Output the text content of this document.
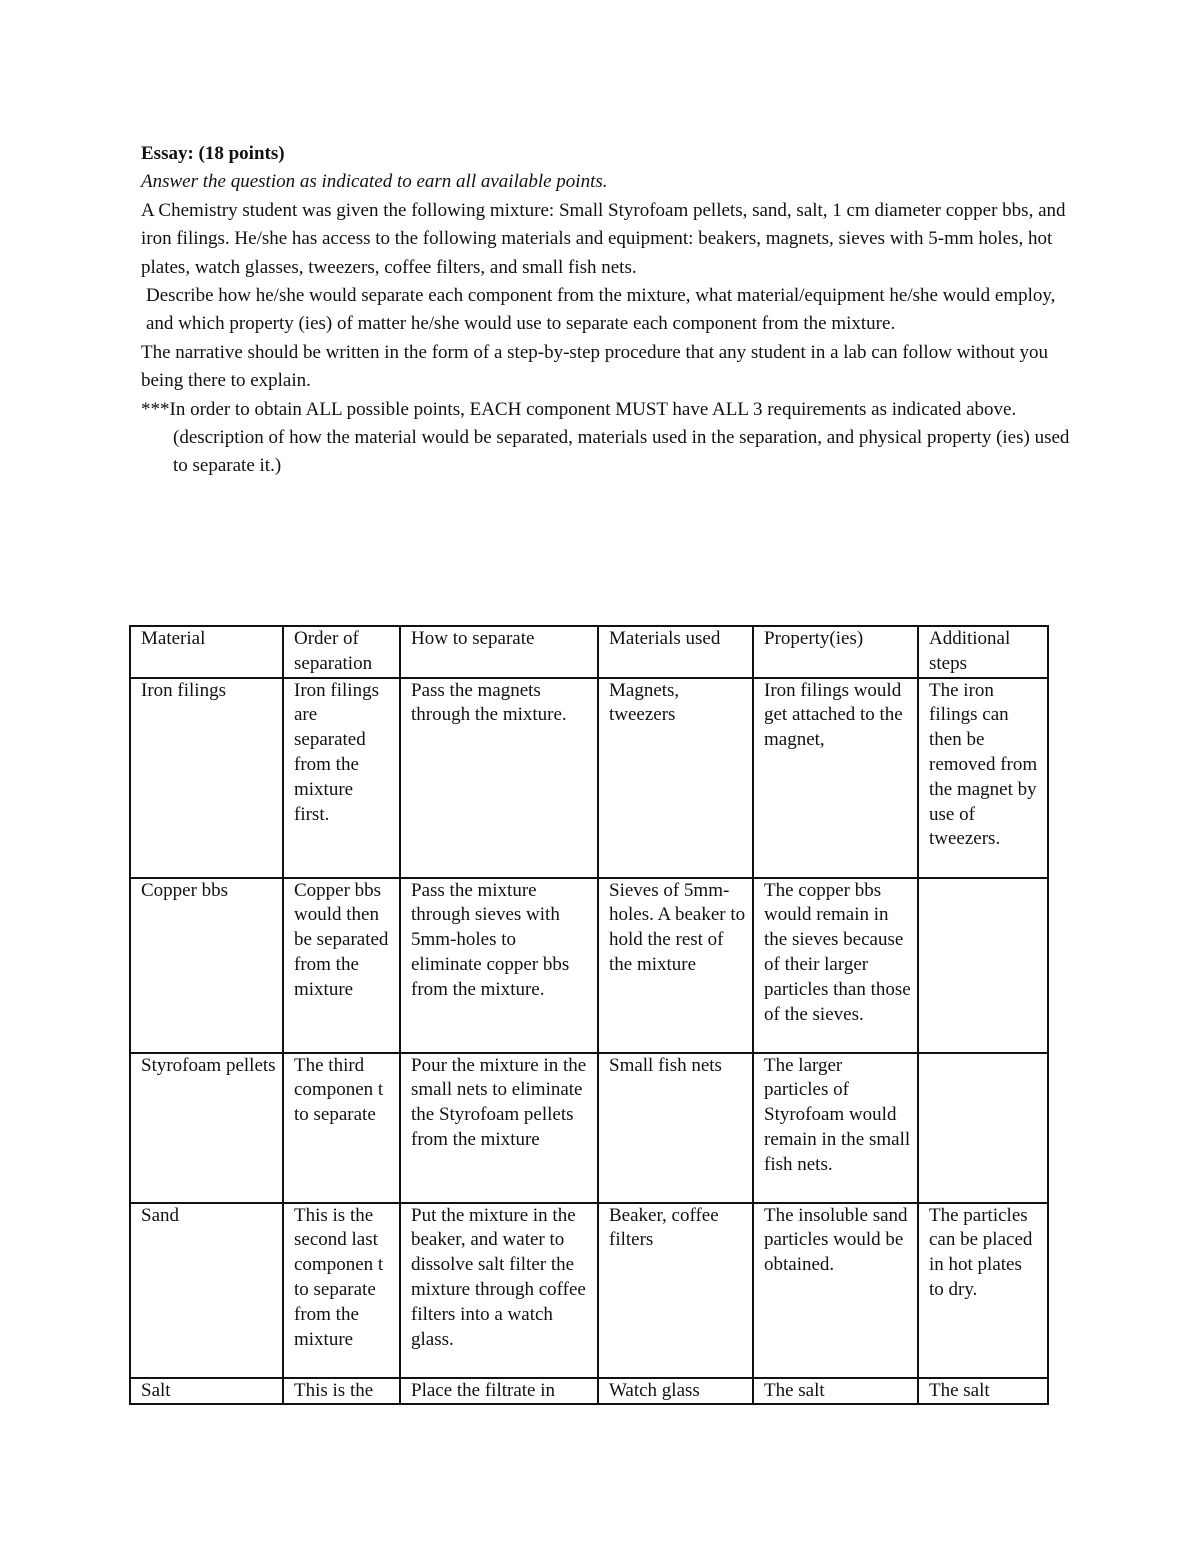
Essay: (18 points)

Answer the question as indicated to earn all available points.

A Chemistry student was given the following mixture: Small Styrofoam pellets, sand, salt, 1 cm diameter copper bbs, and iron filings. He/she has access to the following materials and equipment: beakers, magnets, sieves with 5-mm holes, hot plates, watch glasses, tweezers, coffee filters, and small fish nets.

Describe how he/she would separate each component from the mixture, what material/equipment he/she would employ, and which property (ies) of matter he/she would use to separate each component from the mixture.

The narrative should be written in the form of a step-by-step procedure that any student in a lab can follow without you being there to explain.

***In order to obtain ALL possible points, EACH component MUST have ALL 3 requirements as indicated above. (description of how the material would be separated, materials used in the separation, and physical property (ies) used to separate it.)

Material	Order of separation	How to separate	Materials used	Property(ies)	Additional steps
Iron filings	Iron filings are separated from the mixture first.	Pass the magnets through the mixture.	Magnets, tweezers	Iron filings would get attached to the magnet,	The iron filings can then be removed from the magnet by use of tweezers.
Copper bbs	Copper bbs would then be separated from the mixture	Pass the mixture through sieves with 5mm-holes to eliminate copper bbs from the mixture.	Sieves of 5mm-holes. A beaker to hold the rest of the mixture	The copper bbs would remain in the sieves because of their larger particles than those of the sieves.	
Styrofoam pellets	The third componen t to separate	Pour the mixture in the small nets to eliminate the Styrofoam pellets from the mixture	Small fish nets	The larger particles of Styrofoam would remain in the small fish nets.	
Sand	This is the second last componen t to separate from the mixture	Put the mixture in the beaker, and water to dissolve salt filter the mixture through coffee filters into a watch glass.	Beaker, coffee filters	The insoluble sand particles would be obtained.	The particles can be placed in hot plates to dry.
Salt	This is the	Place the filtrate in	Watch glass	The salt	The salt
